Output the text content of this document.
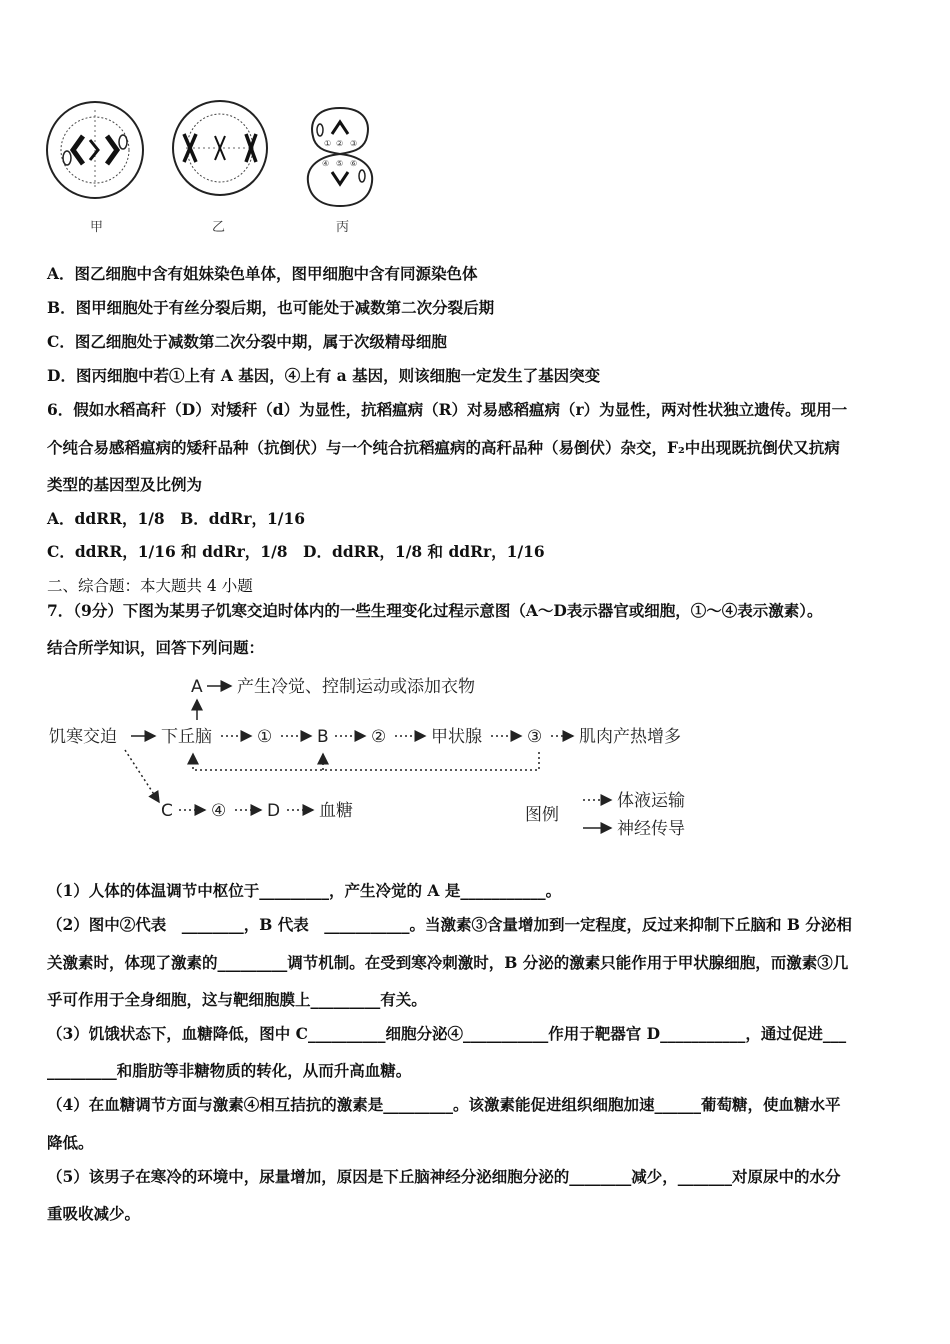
甲	乙
① ② ③
④ ⑤ ⑥
丙
A．图乙细胞中含有姐妹染色单体，图甲细胞中含有同源染色体
B．图甲细胞处于有丝分裂后期，也可能处于减数第二次分裂后期
C．图乙细胞处于减数第二次分裂中期，属于次级精母细胞
D．图丙细胞中若①上有 A 基因，④上有 a 基因，则该细胞一定发生了基因突变
6．假如水稻高秆（D）对矮秆（d）为显性，抗稻瘟病（R）对易感稻瘟病（r）为显性，两对性状独立遗传。现用一
个纯合易感稻瘟病的矮秆品种（抗倒伏）与一个纯合抗稻瘟病的高秆品种（易倒伏）杂交，F₂中出现既抗倒伏又抗病
类型的基因型及比例为
A．ddRR，1/8　B．ddRr，1/16
C．ddRR，1/16 和 ddRr，1/8　D．ddRR，1/8 和 ddRr，1/16
二、综合题：本大题共 4 小题
7．（9分）下图为某男子饥寒交迫时体内的一些生理变化过程示意图（A～D表示器官或细胞，①～④表示激素）。
结合所学知识，回答下列问题：
A 产生冷觉、控制运动或添加衣物
饥寒交迫	下丘脑	①	B ②	甲状腺	③ 肌肉产热增多
C ④ D 血糖	图例
体液运输
神经传导
（1）人体的体温调节中枢位于_________，产生冷觉的 A 是___________。
（2）图中②代表　________，B 代表　___________。当激素③含量增加到一定程度，反过来抑制下丘脑和 B 分泌相
关激素时，体现了激素的_________调节机制。在受到寒冷刺激时，B 分泌的激素只能作用于甲状腺细胞，而激素③几
乎可作用于全身细胞，这与靶细胞膜上_________有关。
（3）饥饿状态下，血糖降低，图中 C__________细胞分泌④___________作用于靶器官 D___________，通过促进___
_________和脂肪等非糖物质的转化，从而升高血糖。
（4）在血糖调节方面与激素④相互拮抗的激素是_________。该激素能促进组织细胞加速______葡萄糖，使血糖水平
降低。
（5）该男子在寒冷的环境中，尿量增加，原因是下丘脑神经分泌细胞分泌的________减少，_______对原尿中的水分
重吸收减少。
